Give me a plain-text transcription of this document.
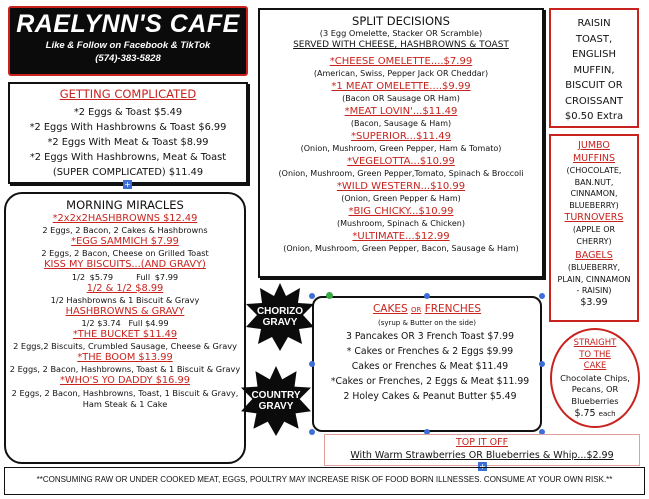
RAELYNN'S CAFE
Like & Follow on Facebook & TikTok
(574)-383-5828
GETTING COMPLICATED
*2 Eggs & Toast $5.49
*2 Eggs With Hashbrowns & Toast $6.99
*2 Eggs With Meat & Toast $8.99
*2 Eggs With Hashbrowns, Meat & Toast
(SUPER COMPLICATED) $11.49
+
MORNING MIRACLES
*2x2x2HASHBROWNS $12.49
2 Eggs, 2 Bacon, 2 Cakes & Hashbrowns
*EGG SAMMICH $7.99
2 Eggs, 2 Bacon, Cheese on Grilled Toast
KISS MY BISCUITS...(AND GRAVY)
1/2 $5.79	Full $7.99
1/2 & 1/2 $8.99
1/2 Hashbrowns & 1 Biscuit & Gravy
HASHBROWNS & GRAVY
1/2 $3.74 Full $4.99
*THE BUCKET $11.49
2 Eggs,2 Biscuits, Crumbled Sausage, Cheese & Gravy
*THE BOOM $13.99
2 Eggs, 2 Bacon, Hashbrowns, Toast & 1 Biscuit & Gravy
*WHO'S YO DADDY $16.99
2 Eggs, 2 Bacon, Hashbrowns, Toast, 1 Biscuit & Gravy, Ham Steak & 1 Cake
SPLIT DECISIONS
(3 Egg Omelette, Stacker OR Scramble)
SERVED WITH CHEESE, HASHBROWNS & TOAST
*CHEESE OMELETTE....$7.99
(American, Swiss, Pepper Jack OR Cheddar)
*1 MEAT OMELETTE....$9.99
(Bacon OR Sausage OR Ham)
*MEAT LOVIN'...$11.49
(Bacon, Sausage & Ham)
*SUPERIOR...$11.49
(Onion, Mushroom, Green Pepper, Ham & Tomato)
*VEGELOTTA...$10.99
(Onion, Mushroom, Green Pepper,Tomato, Spinach & Broccoli
*WILD WESTERN...$10.99
(Onion, Green Pepper & Ham)
*BIG CHICKY...$10.99
(Mushroom, Spinach & Chicken)
*ULTIMATE...$12.99
(Onion, Mushroom, Green Pepper, Bacon, Sausage & Ham)
RAISIN
TOAST,
ENGLISH
MUFFIN,
BISCUIT OR
CROISSANT
$0.50 Extra
JUMBO MUFFINS
(CHOCOLATE, BAN.NUT, CINNAMON, BLUEBERRY)
TURNOVERS
(APPLE OR CHERRY)
BAGELS
(BLUEBERRY, PLAIN, CINNAMON - RAISIN)
$3.99
STRAIGHT TO THE CAKE
Chocolate Chips, Pecans, OR Blueberries
$.75 each
CAKES OR FRENCHES
(syrup & Butter on the side)
3 Pancakes OR 3 French Toast $7.99
* Cakes or Frenches & 2 Eggs $9.99
Cakes or Frenches & Meat $11.49
*Cakes or Frenches, 2 Eggs & Meat $11.99
2 Holey Cakes & Peanut Butter $5.49
TOP IT OFF
With Warm Strawberries OR Blueberries & Whip...$2.99
+
CHORIZO
GRAVY
COUNTRY
GRAVY
**CONSUMING RAW OR UNDER COOKED MEAT, EGGS, POULTRY MAY INCREASE RISK OF FOOD BORN ILLNESSES. CONSUME AT YOUR OWN RISK.**
